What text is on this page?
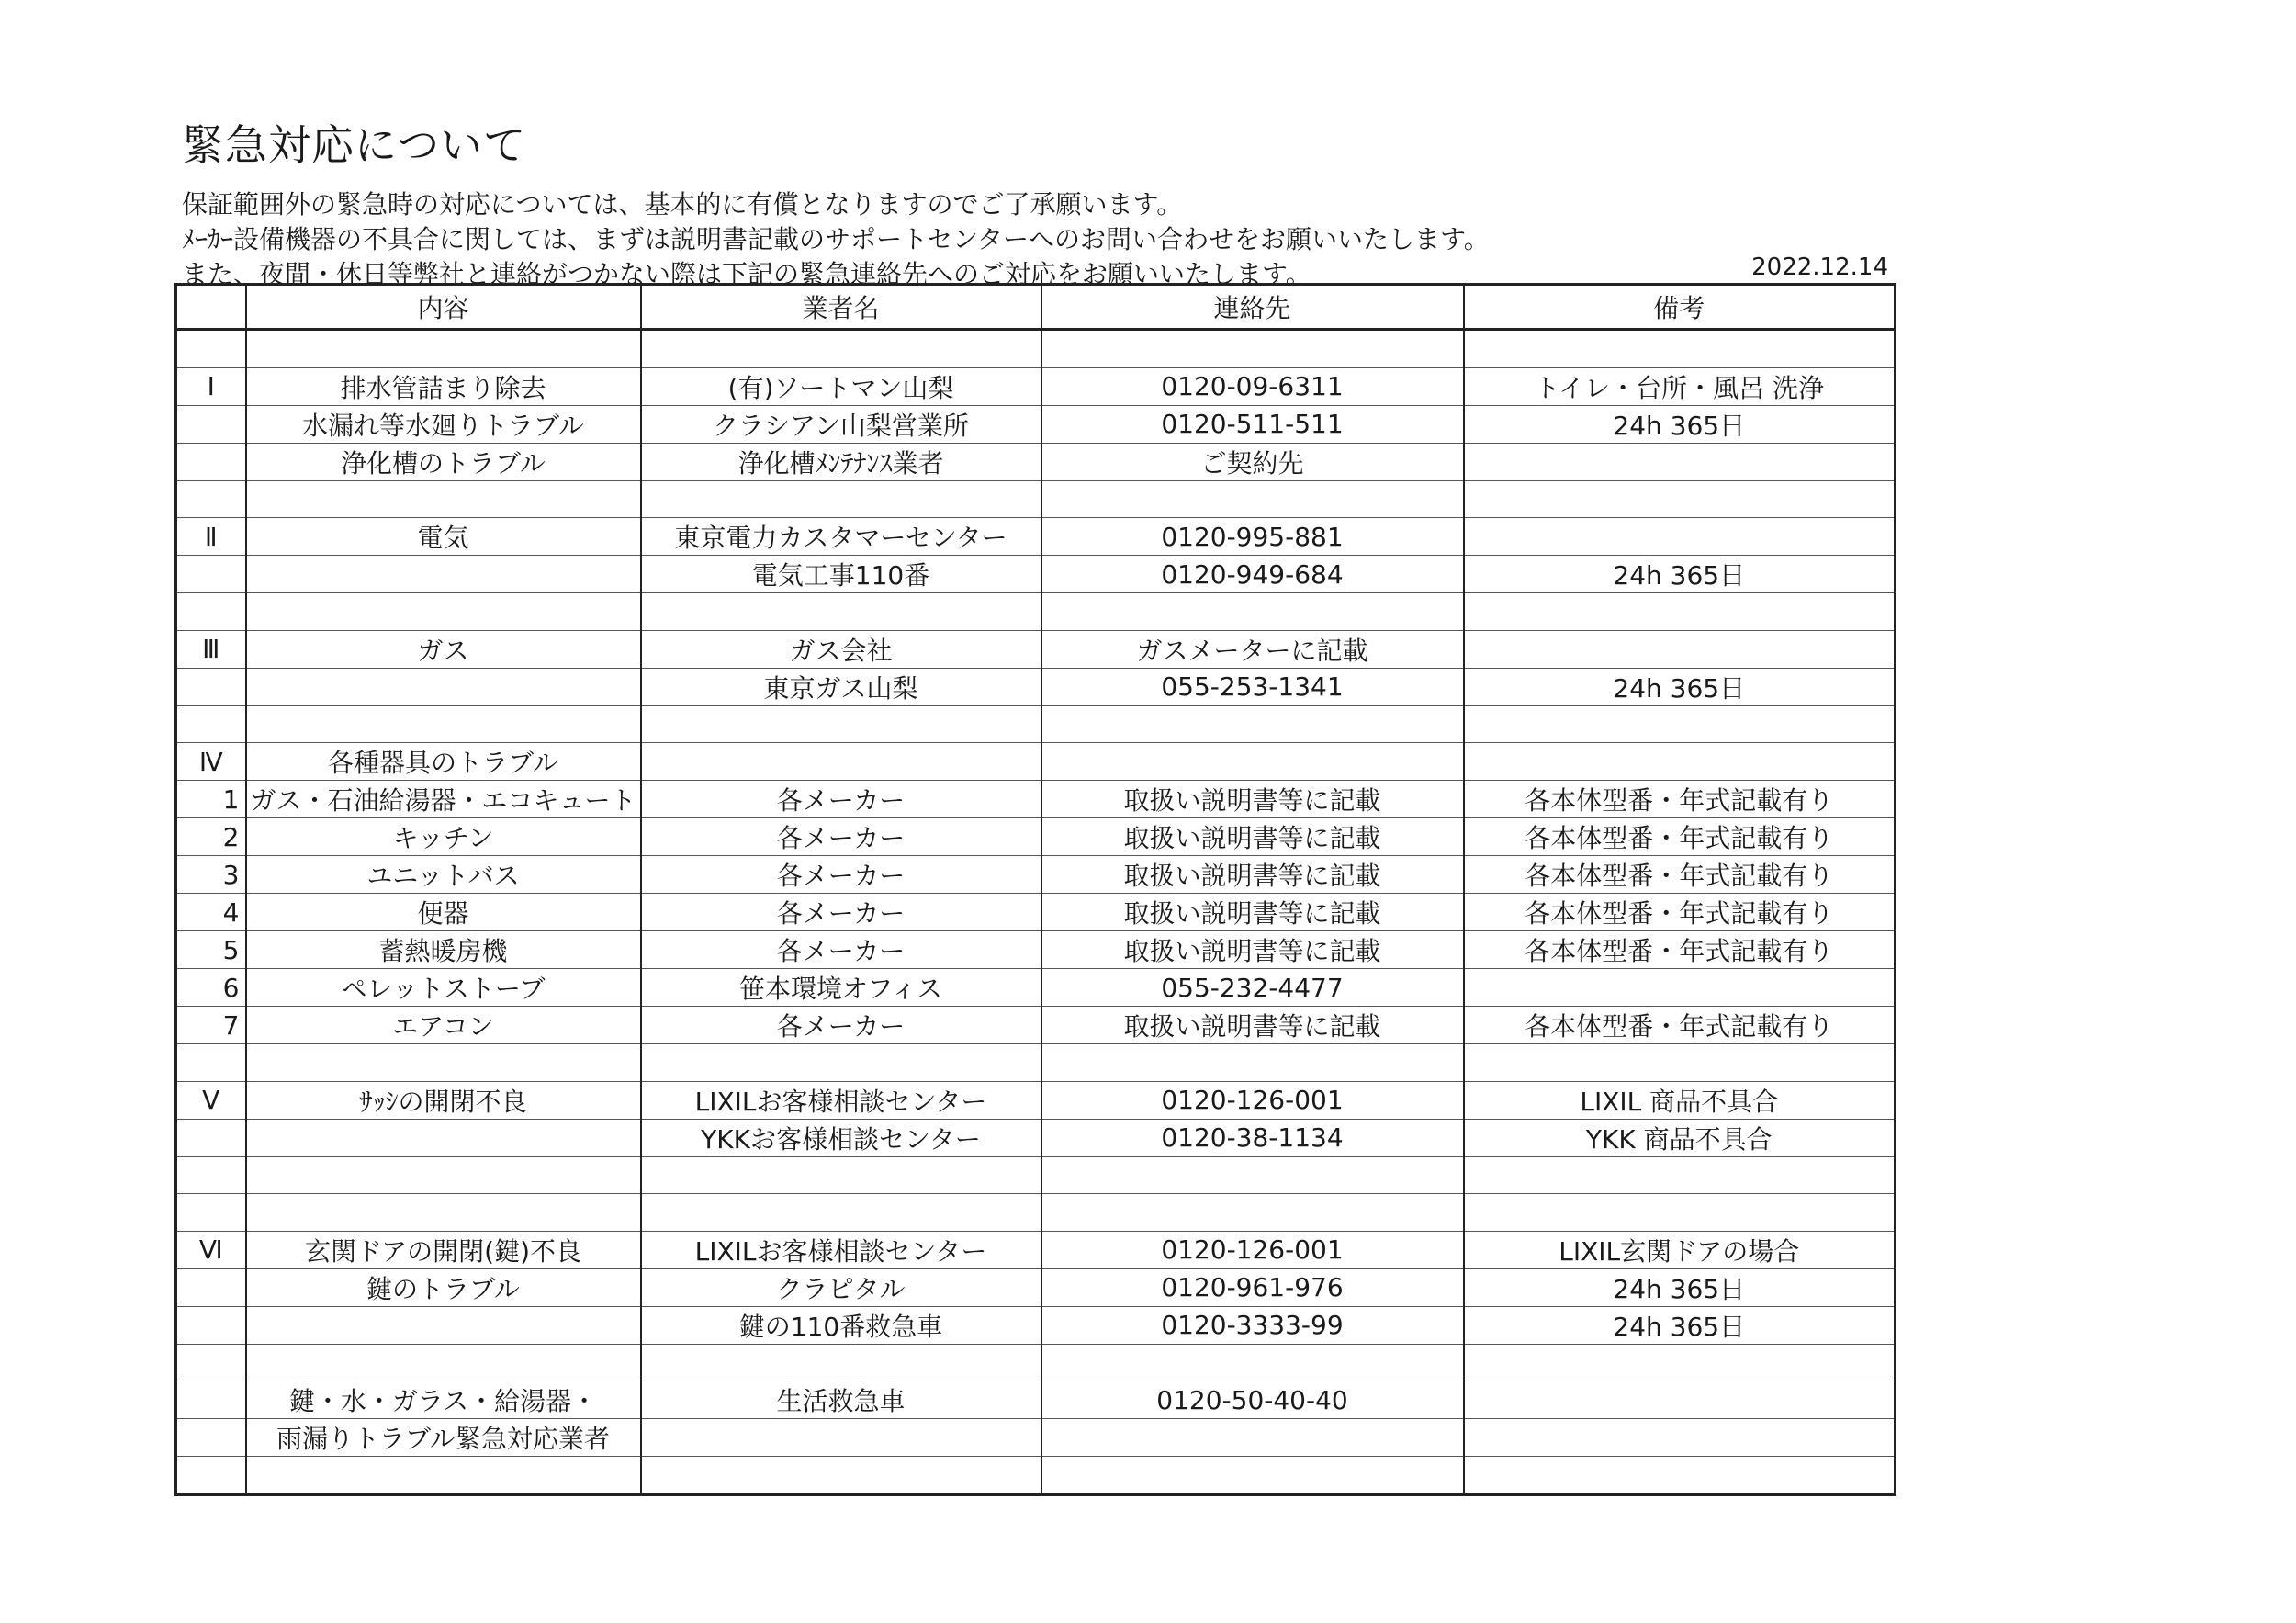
緊急対応について
保証範囲外の緊急時の対応については、基本的に有償となりますのでご了承願います。
ﾒｰｶｰ設備機器の不具合に関しては、まずは説明書記載のサポートセンターへのお問い合わせをお願いいたします。
また、夜間・休日等弊社と連絡がつかない際は下記の緊急連絡先へのご対応をお願いいたします。	2022.12.14
	内容	業者名	連絡先	備考

Ⅰ	排水管詰まり除去	(有)ソートマン山梨	0120-09-6311	トイレ・台所・風呂 洗浄
	水漏れ等水廻りトラブル	クラシアン山梨営業所	0120-511-511	24h 365日
	浄化槽のトラブル	浄化槽ﾒﾝﾃﾅﾝｽ業者	ご契約先	

Ⅱ	電気	東京電力カスタマーセンター	0120-995-881	
		電気工事110番	0120-949-684	24h 365日

Ⅲ	ガス	ガス会社	ガスメーターに記載	
		東京ガス山梨	055-253-1341	24h 365日

Ⅳ	各種器具のトラブル			
1	ガス・石油給湯器・エコキュート	各メーカー	取扱い説明書等に記載	各本体型番・年式記載有り
2	キッチン	各メーカー	取扱い説明書等に記載	各本体型番・年式記載有り
3	ユニットバス	各メーカー	取扱い説明書等に記載	各本体型番・年式記載有り
4	便器	各メーカー	取扱い説明書等に記載	各本体型番・年式記載有り
5	蓄熱暖房機	各メーカー	取扱い説明書等に記載	各本体型番・年式記載有り
6	ペレットストーブ	笹本環境オフィス	055-232-4477	
7	エアコン	各メーカー	取扱い説明書等に記載	各本体型番・年式記載有り

Ⅴ	ｻｯｼの開閉不良	LIXILお客様相談センター	0120-126-001	LIXIL 商品不具合
		YKKお客様相談センター	0120-38-1134	YKK 商品不具合

Ⅵ	玄関ドアの開閉(鍵)不良	LIXILお客様相談センター	0120-126-001	LIXIL玄関ドアの場合
	鍵のトラブル	クラピタル	0120-961-976	24h 365日
		鍵の110番救急車	0120-3333-99	24h 365日

	鍵・水・ガラス・給湯器・	生活救急車	0120-50-40-40	
	雨漏りトラブル緊急対応業者			
